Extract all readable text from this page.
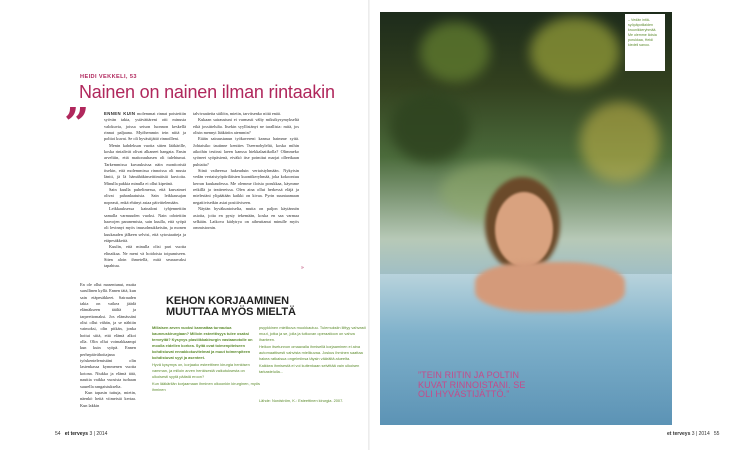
HEIDI VEKKELI, 53
Nainen on nainen ilman rintaakin
”	ENNEN KUIN molemmat rinnat poistettiin syövän takia, ystävättäreni otti minusta valokuvia, joissa seison luonnon keskellä rinnat paljaana. Myöhemmin tein niitä ja polttoi kuvat. Se oli hyvästijättö rinnoilleni.

Menin kahdeksan vuotta sitten lääkärille, koska rintalivät olivat alkaneet hangata. Ensin arveltiin, että maitorauhasen oli tulehtunut. Tarkemmissa kuvauksissa näin monitoristä itsekin, että molemmissa rinnoissa oli musta läntti, jä lä hämähäkinseittimäisiä kuvioita. Minulla pakkia minulla ei ollut kipeänä.

Sain kuulla puhelimessa, että kasvaimet olivat pahanlaatuisia. Sain leikkausajan nopeasti, enkä ehtinyt asiaa päivittelemään.

Leikkauksessa kainaloni tyhjennettiin samalla varmuuden vuoksi. Nain odotettiin haavojen paranemista, sain kuulla, että syöpä oli levinnyt myös imusolmukkeisiin, ja monen kuukauden jälkeen selvisi, että sytostaatteja ja etäpesäkkeitä.

Kuulin, että minulla olisi pari vuotta elinaikaa. Ne meni vä hoidoista toipumiseen. Siten aloin ihmetellä, mitä seuraavaksi tapahtuu.

En ole ollut masentunut, mutta surullinen kyllä. Ennen tätä, kun sain etäpesäkkeet. Sairauden takia on vaikea jäädä elämäkseen täältä ja tarpeettomaksi. Jos elämässäni olisi ollut vähän, ja se nähtiin vaimoksi, olin pitkän, jonka hoitui siitä, että elämä alkoi olla. Olin ollut voimakkaampi kun kuin syöpä. Ennen perhepäivähoitajana työskentelemistäni olin lastenkassa kymmenen vuotta kotona. Niukka ja elämä tätä, nauttia vaikka vuosista turhaan suurella rangaistukselta.

Kun tapasin tuttuja, mietin, näenkö heitä viimeistä kertaa. Kun lakkin

talvivaatteita säilöin, mietin, tarvitsenko niitä enää.

Kukaan sairaustuni ei varmasti välty miksikysymykseltä eikä jossittelulta. Itsekin syyllistänyt ne tarallista: mitä, jos olisin mennyt lääkäriin aiemmin?

Etään sairaustanun työkavereni kanssa haimme syitä. Johtaisiko tautinne kentties Tseernobyleltä, koska mihin aikoihin tesiinsi laeen kanssa hiekkalaatikolla? Olimmeko syöneet syöpäsienä, eiväkö itse poimitut marjat olleetkaan puhtaita?

Siinä vaiheessa hakeuduin vertaistyhmään. Nykyisin vedän vertaistyöpiiriläisten kuontikeryhmää, joka kokoontuu kerran kuukaudessa. Me olemme iloisia porukkaa, käymme retkillä ja teattereissa. Olen aina ollut herkessä eläjä ja mielestäni ylipäätään kaikki on kivaa. Pyrin suuntaamaan negatiivisetkin asiat positiiviseen.

Näytän hyväkuntoiselta, mutta on paljon käytännön asioita, joita en pysty tekemään, koska en saa varmaa selkään. Latkova kädytrya on aiheuttanut minulle myös ommistornin.

»
KEHON KORJAAMINEN
MUUTTAA MYÖS MIELTÄ

Millaisen arven vuoksi kannattaa turvautua kauneuskirurgiaan? Milloin esteettisyys tulee osaksi terveyttä? Kysyvys plastiikkakirurgin vastaanotolle on moolla eidellen korkea. Syitä ovat toimenpiteiseen kohdistuvat ennakkokuvitelmat ja muut toimenpiteen kohdistuvat syyt ja asenteet.

Hyvä kysymys on, korjaako esteettinen kirurgia henkisen vamman, ja milloin arven henkisestä vaikutuksesta on ulkoisesti syytä päästä eroon?

Kun lääkärilän korjaamaan ihminen olkoonkin kirurginen, myös ihminen

psyykkinen mielikuva muokkautuu. Tulemuksiin liittyy vahvasti muut, jotka ja se, jolla ja tutkuvan operaatioon on vahva ihanteen.

Heikon itsetunnon omaavalla ihmisellä korjaaminen ei aina automaattisesti vahvista mielikuvaa. Joskus ihminen saattaa hakea ratkaisua ongelmiinsa täysin väärältä alueelta.

Kaikkea ihmisestä ei voi kuitenkaan selvittää vain ulkoisen tarkastelulla...

Lähde: Nordström, K.: Esteettinen kirurgia. 2007.
54 et terveys 3 | 2014
– Vedän intiä-syöpäpotilaiden kruunikkeryhmää. Me olemme iloisia porukkaa, Heidi kiedeli sanoo.
”TEIN RIITIN JA POLTIN KUVAT RINNOISTANI. SE OLI HYVÄSTIJÄTTÖ.”
et terveys 3 | 2014 55
